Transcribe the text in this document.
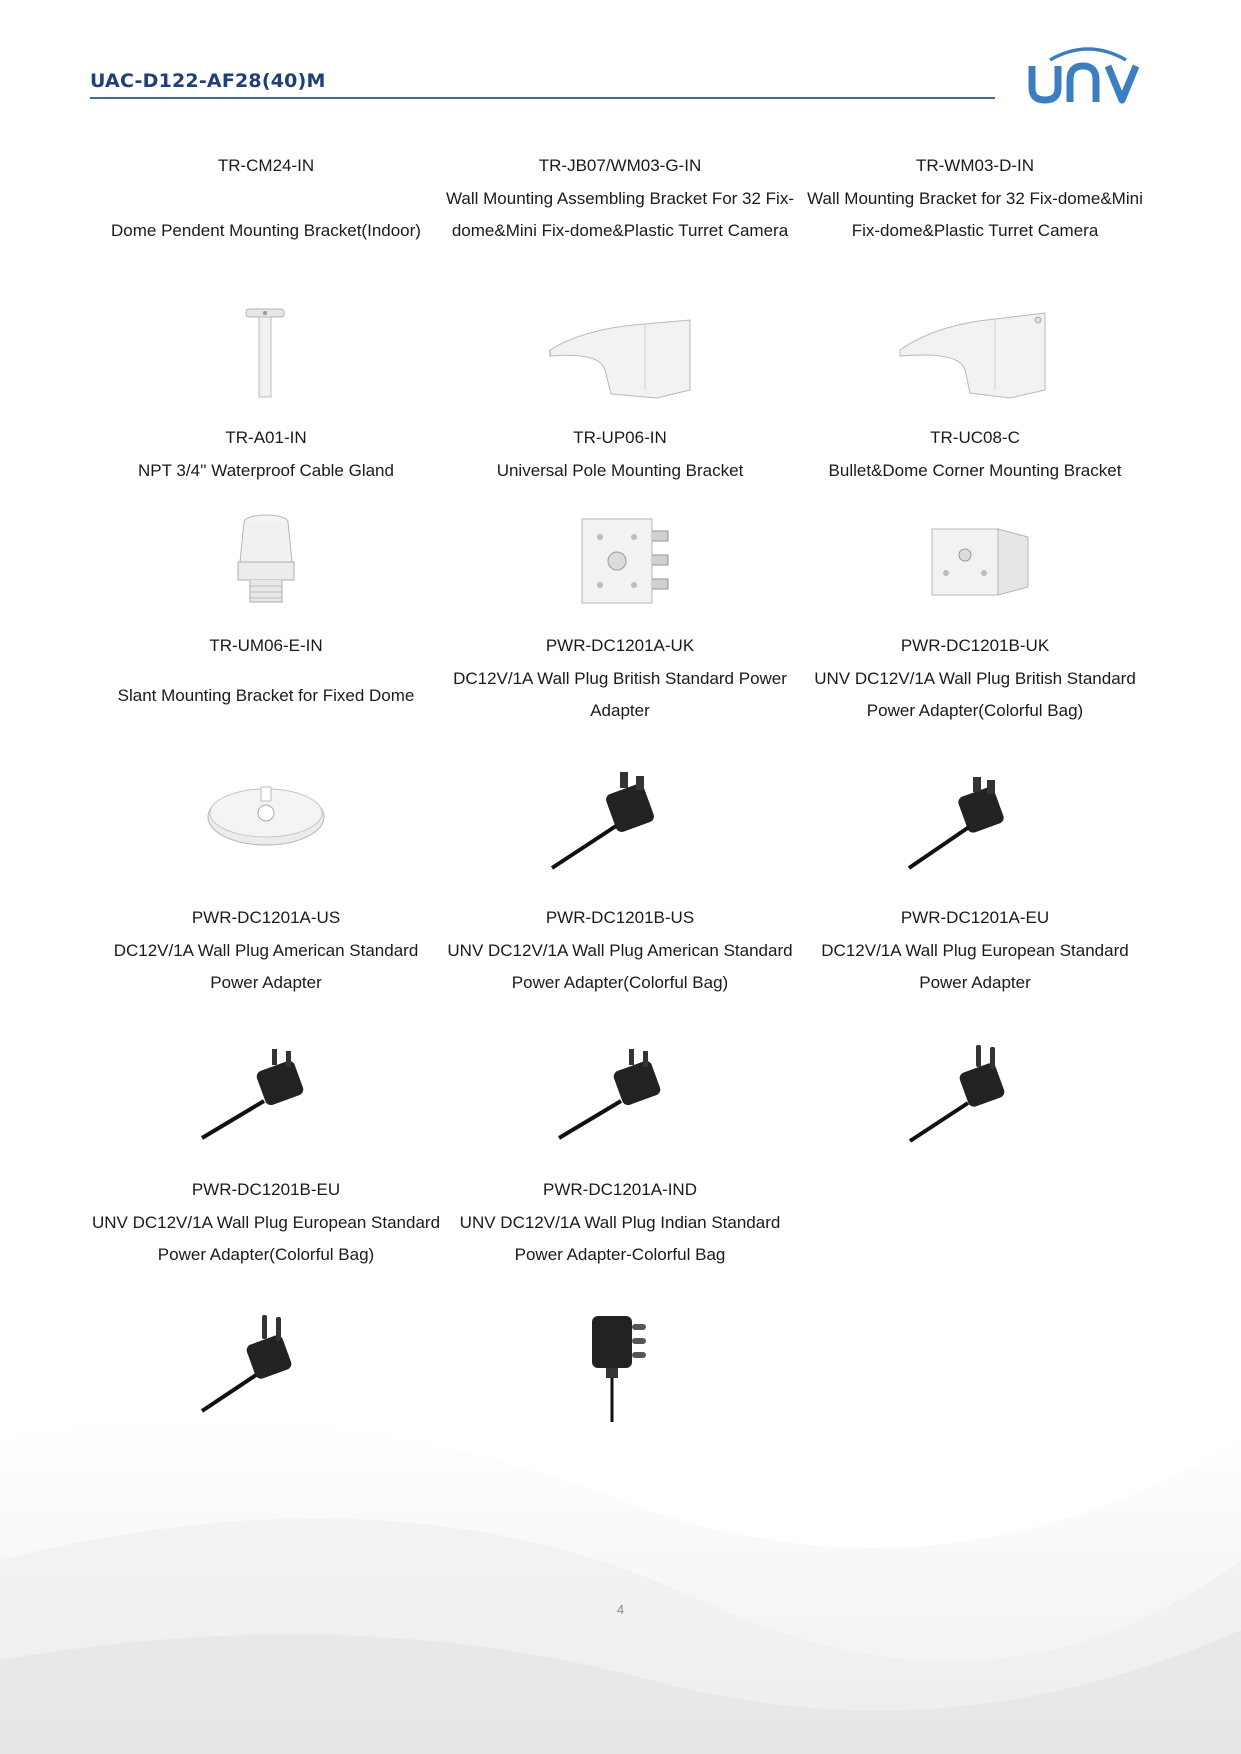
UAC-D122-AF28(40)M
TR-CM24-IN
Dome Pendent Mounting Bracket(Indoor)
TR-JB07/WM03-G-IN
Wall Mounting Assembling Bracket For 32 Fix-dome&Mini Fix-dome&Plastic Turret Camera
TR-WM03-D-IN
Wall Mounting Bracket for 32 Fix-dome&Mini Fix-dome&Plastic Turret Camera
TR-A01-IN
NPT 3/4'' Waterproof Cable Gland
TR-UP06-IN
Universal Pole Mounting Bracket
TR-UC08-C
Bullet&Dome Corner Mounting Bracket
TR-UM06-E-IN
Slant Mounting Bracket for Fixed Dome
PWR-DC1201A-UK
DC12V/1A Wall Plug British Standard Power Adapter
PWR-DC1201B-UK
UNV DC12V/1A Wall Plug British Standard Power Adapter(Colorful Bag)
PWR-DC1201A-US
DC12V/1A Wall Plug American Standard Power Adapter
PWR-DC1201B-US
UNV DC12V/1A Wall Plug American Standard Power Adapter(Colorful Bag)
PWR-DC1201A-EU
DC12V/1A Wall Plug European Standard Power Adapter
PWR-DC1201B-EU
UNV DC12V/1A Wall Plug European Standard Power Adapter(Colorful Bag)
PWR-DC1201A-IND
UNV DC12V/1A Wall Plug Indian Standard Power Adapter-Colorful Bag
4
